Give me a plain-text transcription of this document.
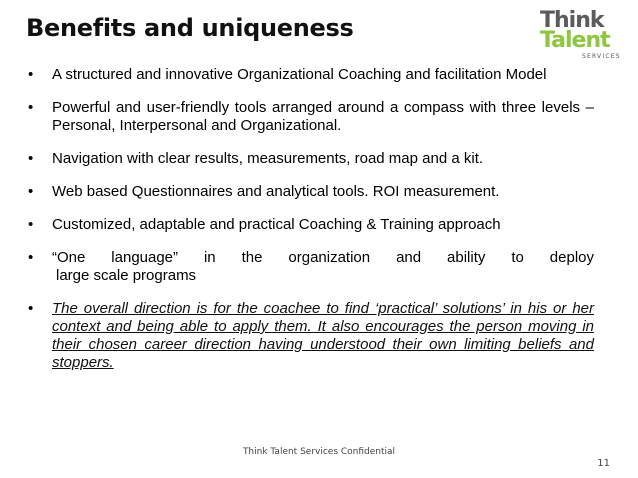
Benefits and uniqueness	Think
Talent
SERVICES
• A structured and innovative Organizational Coaching and facilitation Model
• Powerful and user-friendly tools arranged around a compass with three levels – Personal, Interpersonal and Organizational.
• Navigation with clear results, measurements, road map and a kit.
• Web based Questionnaires and analytical tools. ROI measurement.
• Customized, adaptable and practical Coaching & Training approach
• “One language” in the organization and ability to deploy
large scale programs
• The overall direction is for the coachee to find ‘practical’ solutions’ in his or her context and being able to apply them. It also encourages the person moving in their chosen career direction having understood their own limiting beliefs and stoppers.
Think Talent Services Confidential
11
